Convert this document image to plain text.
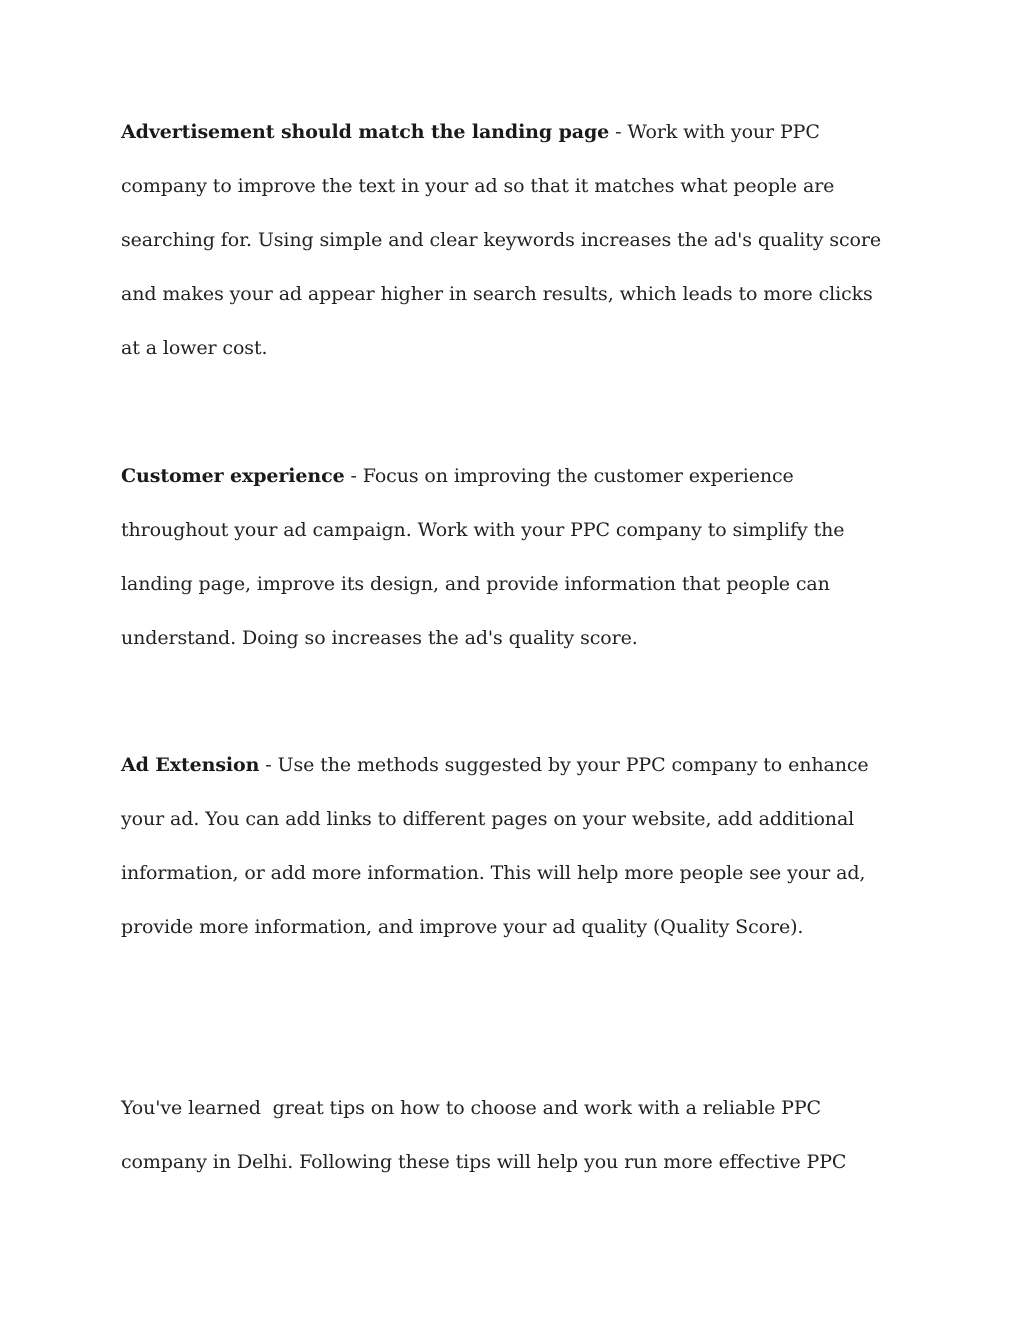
Advertisement should match the landing page - Work with your PPC company to improve the text in your ad so that it matches what people are searching for. Using simple and clear keywords increases the ad's quality score and makes your ad appear higher in search results, which leads to more clicks at a lower cost.

Customer experience - Focus on improving the customer experience throughout your ad campaign. Work with your PPC company to simplify the landing page, improve its design, and provide information that people can understand. Doing so increases the ad's quality score.

Ad Extension - Use the methods suggested by your PPC company to enhance your ad. You can add links to different pages on your website, add additional information, or add more information. This will help more people see your ad, provide more information, and improve your ad quality (Quality Score).

You've learned  great tips on how to choose and work with a reliable PPC company in Delhi. Following these tips will help you run more effective PPC
